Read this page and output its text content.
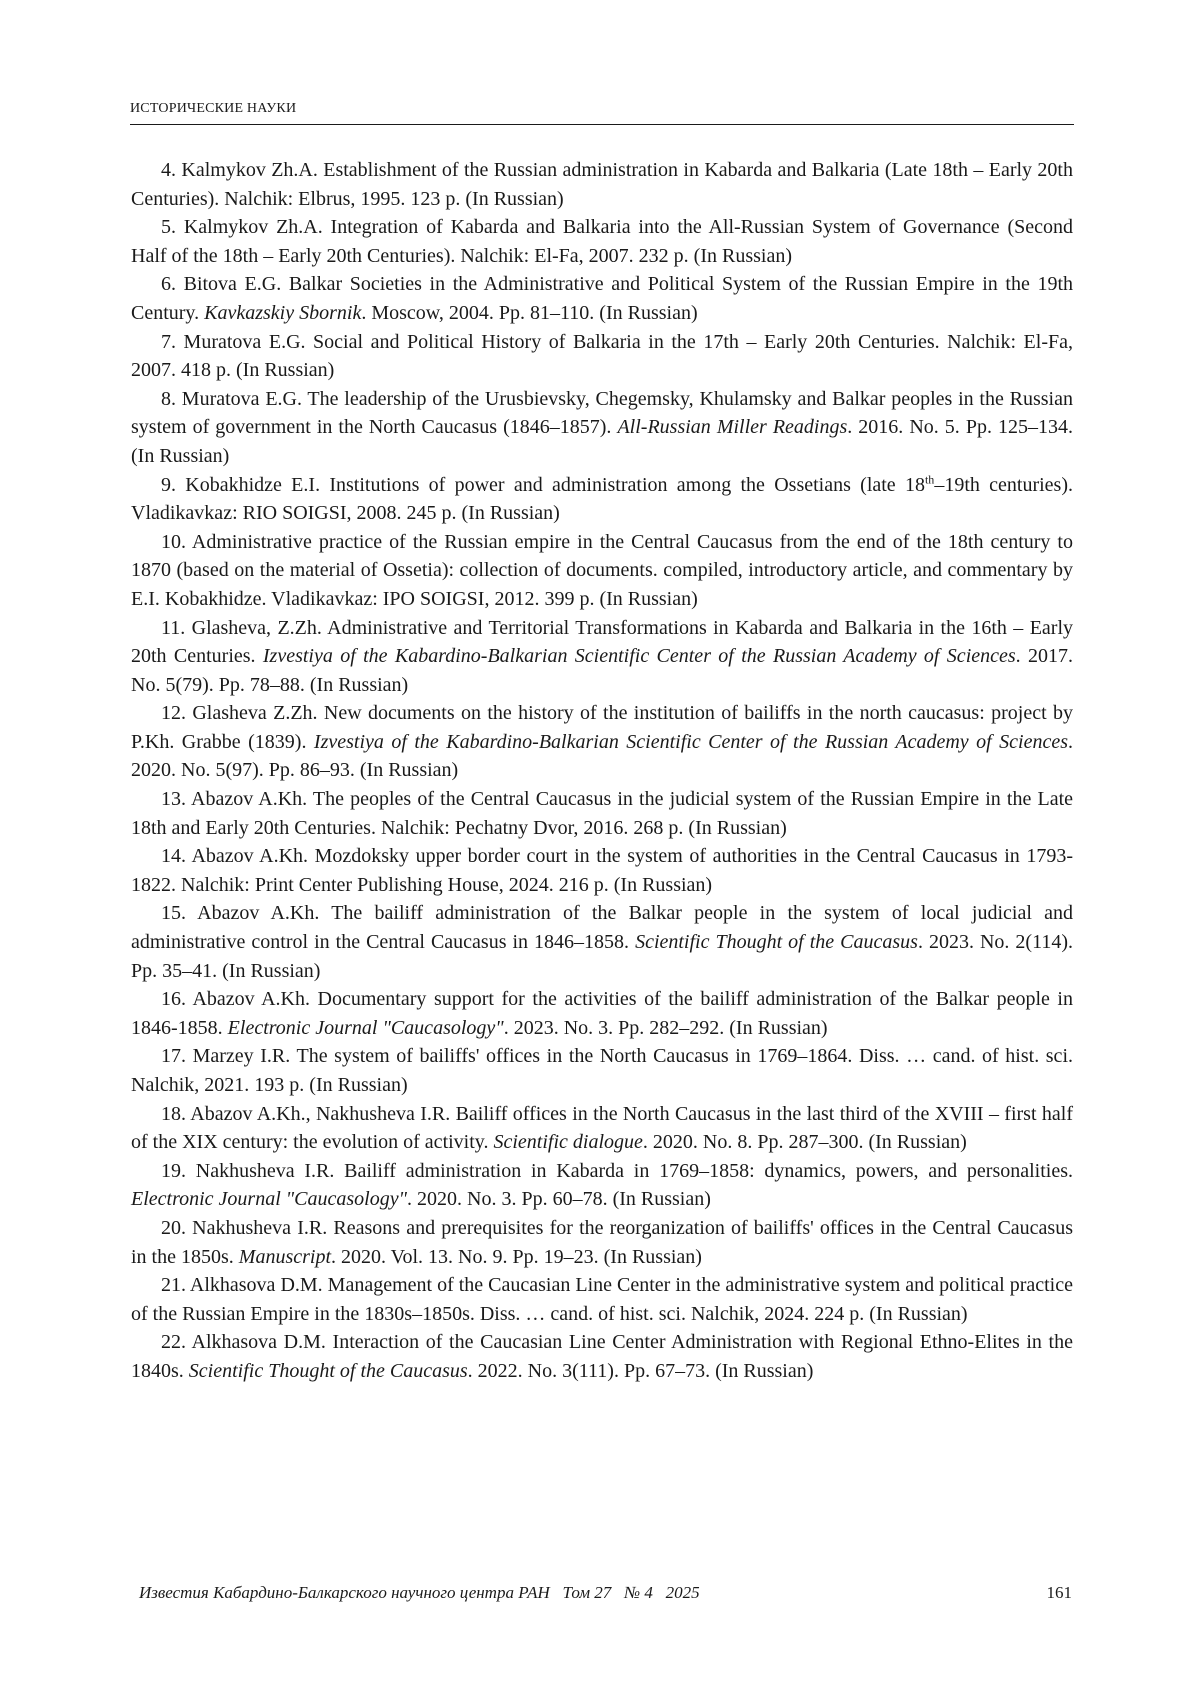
ИСТОРИЧЕСКИЕ НАУКИ
4. Kalmykov Zh.A. Establishment of the Russian administration in Kabarda and Balkaria (Late 18th – Early 20th Centuries). Nalchik: Elbrus, 1995. 123 p. (In Russian)
5. Kalmykov Zh.A. Integration of Kabarda and Balkaria into the All-Russian System of Governance (Second Half of the 18th – Early 20th Centuries). Nalchik: El-Fa, 2007. 232 p. (In Russian)
6. Bitova E.G. Balkar Societies in the Administrative and Political System of the Russian Empire in the 19th Century. Kavkazskiy Sbornik. Moscow, 2004. Pp. 81–110. (In Russian)
7. Muratova E.G. Social and Political History of Balkaria in the 17th – Early 20th Centuries. Nalchik: El-Fa, 2007. 418 p. (In Russian)
8. Muratova E.G. The leadership of the Urusbievsky, Chegemsky, Khulamsky and Balkar peoples in the Russian system of government in the North Caucasus (1846–1857). All-Russian Miller Readings. 2016. No. 5. Pp. 125–134. (In Russian)
9. Kobakhidze E.I. Institutions of power and administration among the Ossetians (late 18th–19th centuries). Vladikavkaz: RIO SOIGSI, 2008. 245 p. (In Russian)
10. Administrative practice of the Russian empire in the Central Caucasus from the end of the 18th century to 1870 (based on the material of Ossetia): collection of documents. compiled, introductory article, and commentary by E.I. Kobakhidze. Vladikavkaz: IPO SOIGSI, 2012. 399 p. (In Russian)
11. Glasheva, Z.Zh. Administrative and Territorial Transformations in Kabarda and Balkaria in the 16th – Early 20th Centuries. Izvestiya of the Kabardino-Balkarian Scientific Center of the Russian Academy of Sciences. 2017. No. 5(79). Pp. 78–88. (In Russian)
12. Glasheva Z.Zh. New documents on the history of the institution of bailiffs in the north caucasus: project by P.Kh. Grabbe (1839). Izvestiya of the Kabardino-Balkarian Scientific Center of the Russian Academy of Sciences. 2020. No. 5(97). Pp. 86–93. (In Russian)
13. Abazov A.Kh. The peoples of the Central Caucasus in the judicial system of the Russian Empire in the Late 18th and Early 20th Centuries. Nalchik: Pechatny Dvor, 2016. 268 p. (In Russian)
14. Abazov A.Kh. Mozdoksky upper border court in the system of authorities in the Central Caucasus in 1793-1822. Nalchik: Print Center Publishing House, 2024. 216 p. (In Russian)
15. Abazov A.Kh. The bailiff administration of the Balkar people in the system of local judicial and administrative control in the Central Caucasus in 1846–1858. Scientific Thought of the Caucasus. 2023. No. 2(114). Pp. 35–41. (In Russian)
16. Abazov A.Kh. Documentary support for the activities of the bailiff administration of the Balkar people in 1846-1858. Electronic Journal "Caucasology". 2023. No. 3. Pp. 282–292. (In Russian)
17. Marzey I.R. The system of bailiffs' offices in the North Caucasus in 1769–1864. Diss. … cand. of hist. sci. Nalchik, 2021. 193 p. (In Russian)
18. Abazov A.Kh., Nakhusheva I.R. Bailiff offices in the North Caucasus in the last third of the XVIII – first half of the XIX century: the evolution of activity. Scientific dialogue. 2020. No. 8. Pp. 287–300. (In Russian)
19. Nakhusheva I.R. Bailiff administration in Kabarda in 1769–1858: dynamics, powers, and personalities. Electronic Journal "Caucasology". 2020. No. 3. Pp. 60–78. (In Russian)
20. Nakhusheva I.R. Reasons and prerequisites for the reorganization of bailiffs' offices in the Central Caucasus in the 1850s. Manuscript. 2020. Vol. 13. No. 9. Pp. 19–23. (In Russian)
21. Alkhasova D.M. Management of the Caucasian Line Center in the administrative system and political practice of the Russian Empire in the 1830s–1850s. Diss. … cand. of hist. sci. Nalchik, 2024. 224 p. (In Russian)
22. Alkhasova D.M. Interaction of the Caucasian Line Center Administration with Regional Ethno-Elites in the 1840s. Scientific Thought of the Caucasus. 2022. No. 3(111). Pp. 67–73. (In Russian)
Известия Кабардино-Балкарского научного центра РАН   Том 27   № 4   2025	161
